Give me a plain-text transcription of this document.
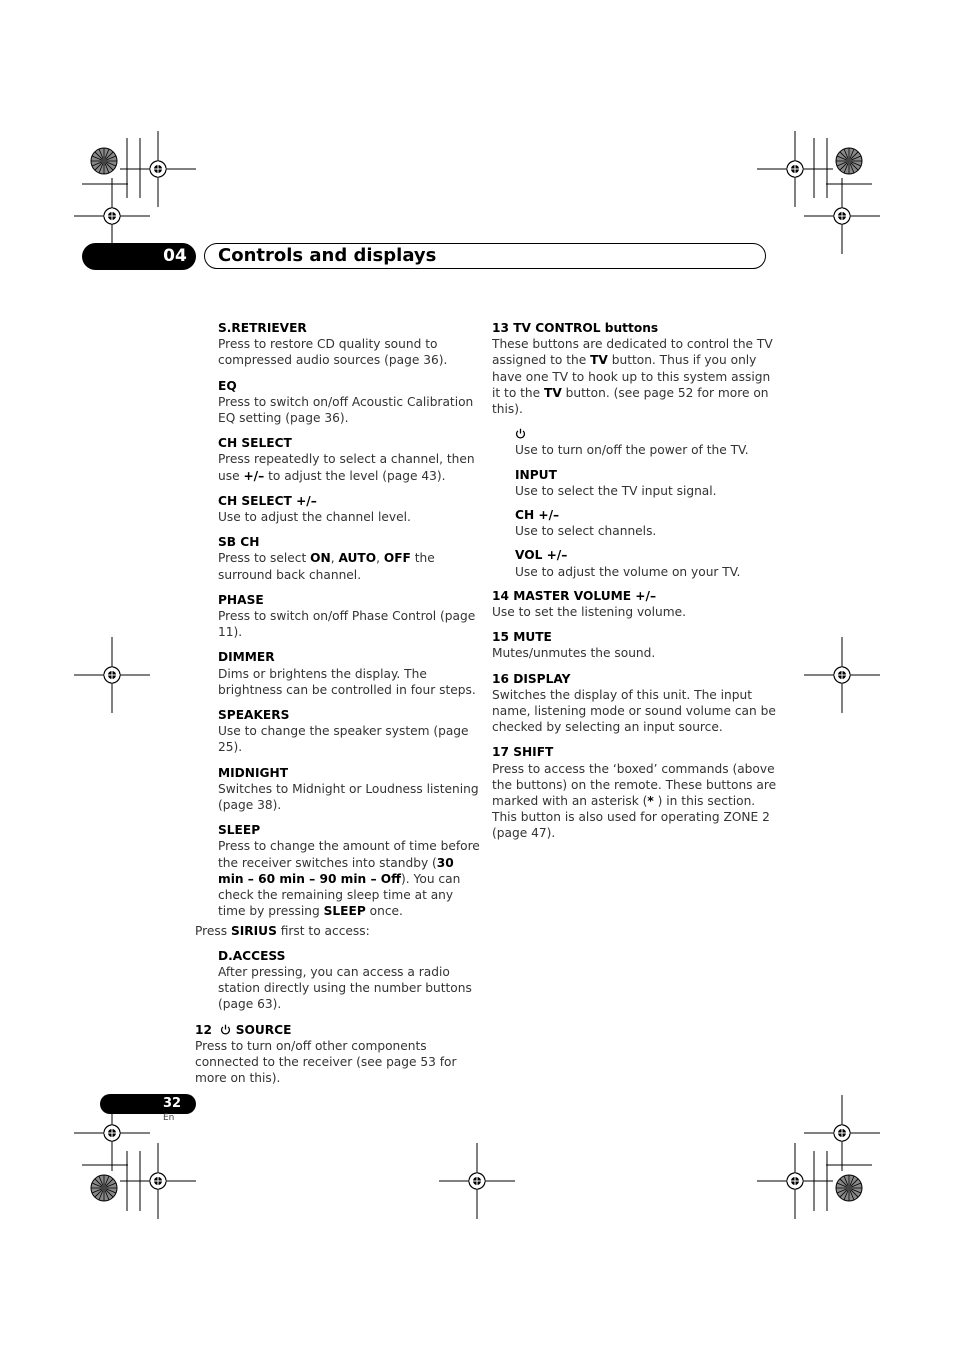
04 Controls and displays
S.RETRIEVER
Press to restore CD quality sound to compressed audio sources (page 36).
EQ
Press to switch on/off Acoustic Calibration EQ setting (page 36).
CH SELECT
Press repeatedly to select a channel, then use +/– to adjust the level (page 43).
CH SELECT +/–
Use to adjust the channel level.
SB CH
Press to select ON, AUTO, OFF the surround back channel.
PHASE
Press to switch on/off Phase Control (page 11).
DIMMER
Dims or brightens the display. The brightness can be controlled in four steps.
SPEAKERS
Use to change the speaker system (page 25).
MIDNIGHT
Switches to Midnight or Loudness listening (page 38).
SLEEP
Press to change the amount of time before the receiver switches into standby (30 min – 60 min – 90 min – Off). You can check the remaining sleep time at any time by pressing SLEEP once.
Press SIRIUS first to access:
D.ACCESS
After pressing, you can access a radio station directly using the number buttons (page 63).
12 SOURCE
Press to turn on/off other components connected to the receiver (see page 53 for more on this).
13 TV CONTROL buttons
These buttons are dedicated to control the TV assigned to the TV button. Thus if you only have one TV to hook up to this system assign it to the TV button. (see page 52 for more on this).
Use to turn on/off the power of the TV.
INPUT
Use to select the TV input signal.
CH +/–
Use to select channels.
VOL +/–
Use to adjust the volume on your TV.
14 MASTER VOLUME +/–
Use to set the listening volume.
15 MUTE
Mutes/unmutes the sound.
16 DISPLAY
Switches the display of this unit. The input name, listening mode or sound volume can be checked by selecting an input source.
17 SHIFT
Press to access the ‘boxed’ commands (above the buttons) on the remote. These buttons are marked with an asterisk (* ) in this section. This button is also used for operating ZONE 2 (page 47).
32
En
